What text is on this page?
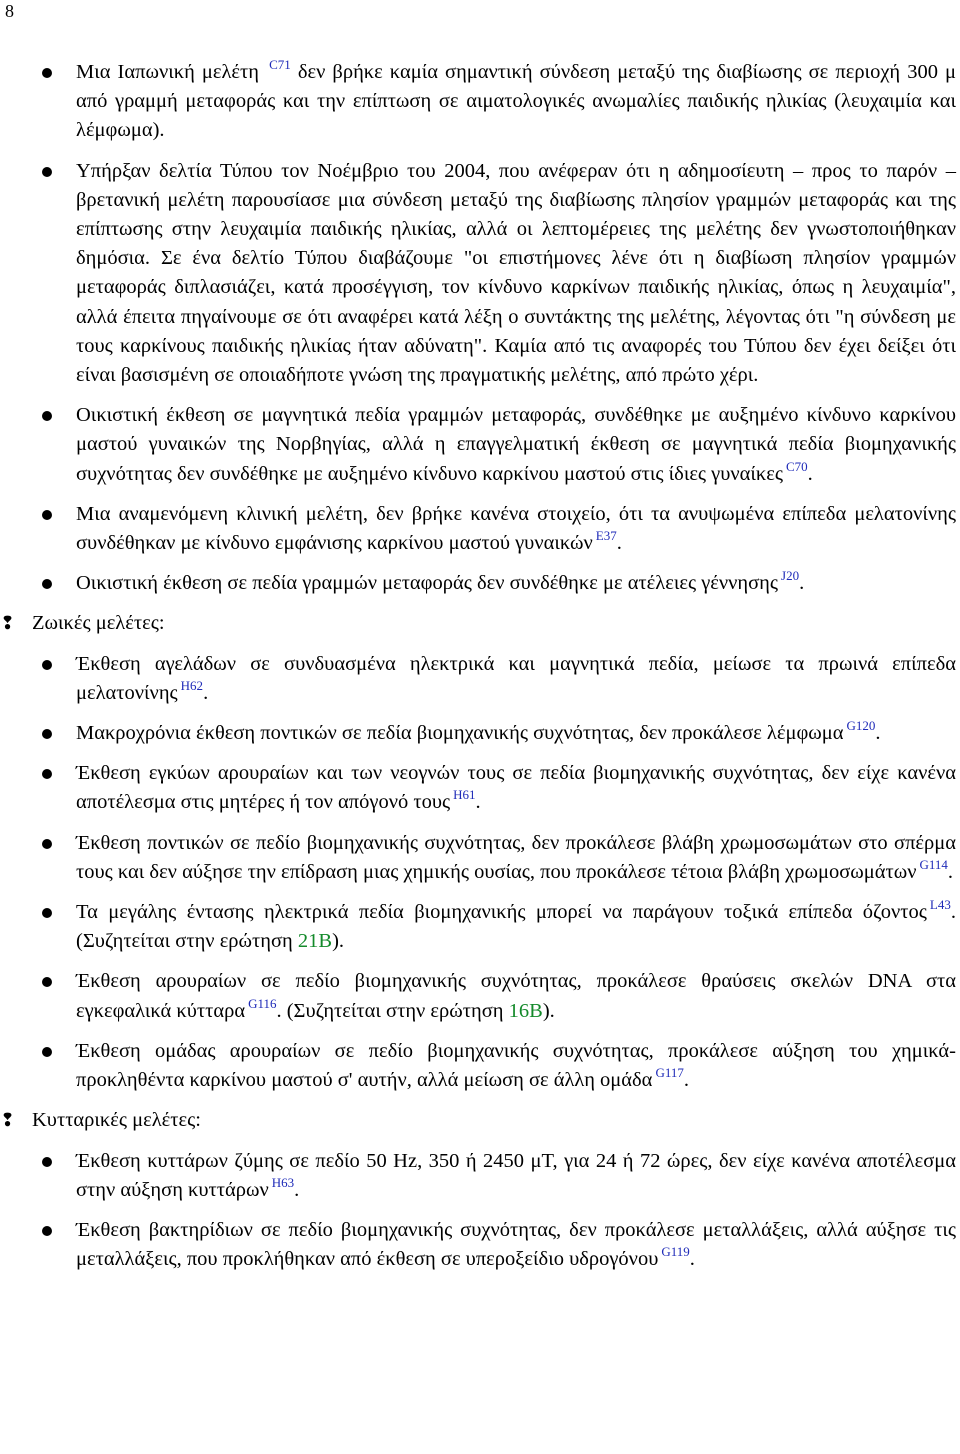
8

Μια Ιαπωνική μελέτη $^{C71}$ δεν βρήκε καμία σημαντική σύνδεση μεταξύ της διαβίωσης σε περιοχή 300 μ από γραμμή μεταφοράς και την επίπτωση σε αιματολογικές ανωμαλίες παιδικής ηλικίας (λευχαιμία και λέμφωμα).

Υπήρξαν δελτία Τύπου τον Νοέμβριο του 2004, που ανέφεραν ότι η αδημοσίευτη – προς το παρόν – βρετανική μελέτη παρουσίασε μια σύνδεση μεταξύ της διαβίωσης πλησίον γραμμών μεταφοράς και της επίπτωσης στην λευχαιμία παιδικής ηλικίας, αλλά οι λεπτομέρειες της μελέτης δεν γνωστοποιήθηκαν δημόσια. Σε ένα δελτίο Τύπου διαβάζουμε "οι επιστήμονες λένε ότι η διαβίωση πλησίον γραμμών μεταφοράς διπλασιάζει, κατά προσέγγιση, τον κίνδυνο καρκίνων παιδικής ηλικίας, όπως η λευχαιμία", αλλά έπειτα πηγαίνουμε σε ότι αναφέρει κατά λέξη ο συντάκτης της μελέτης, λέγοντας ότι "η σύνδεση με τους καρκίνους παιδικής ηλικίας ήταν αδύνατη". Καμία από τις αναφορές του Τύπου δεν έχει δείξει ότι είναι βασισμένη σε οποιαδήποτε γνώση της πραγματικής μελέτης, από πρώτο χέρι.

Οικιστική έκθεση σε μαγνητικά πεδία γραμμών μεταφοράς, συνδέθηκε με αυξημένο κίνδυνο καρκίνου μαστού γυναικών της Νορβηγίας, αλλά η επαγγελματική έκθεση σε μαγνητικά πεδία βιομηχανικής συχνότητας δεν συνδέθηκε με αυξημένο κίνδυνο καρκίνου μαστού στις ίδιες γυναίκες $^{C70}$.

Μια αναμενόμενη κλινική μελέτη, δεν βρήκε κανένα στοιχείο, ότι τα ανυψωμένα επίπεδα μελατονίνης συνδέθηκαν με κίνδυνο εμφάνισης καρκίνου μαστού γυναικών $^{E37}$.

Οικιστική έκθεση σε πεδία γραμμών μεταφοράς δεν συνδέθηκε με ατέλειες γέννησης $^{J20}$.

❢ Ζωικές μελέτες:

Έκθεση αγελάδων σε συνδυασμένα ηλεκτρικά και μαγνητικά πεδία, μείωσε τα πρωινά επίπεδα μελατονίνης $^{H62}$.

Μακροχρόνια έκθεση ποντικών σε πεδία βιομηχανικής συχνότητας, δεν προκάλεσε λέμφωμα $^{G120}$.

Έκθεση εγκύων αρουραίων και των νεογνών τους σε πεδία βιομηχανικής συχνότητας, δεν είχε κανένα αποτέλεσμα στις μητέρες ή τον απόγονό τους $^{H61}$.

Έκθεση ποντικών σε πεδίο βιομηχανικής συχνότητας, δεν προκάλεσε βλάβη χρωμοσωμάτων στο σπέρμα τους και δεν αύξησε την επίδραση μιας χημικής ουσίας, που προκάλεσε τέτοια βλάβη χρωμοσωμάτων $^{G114}$.

Τα μεγάλης έντασης ηλεκτρικά πεδία βιομηχανικής μπορεί να παράγουν τοξικά επίπεδα όζοντος $^{L43}$. (Συζητείται στην ερώτηση 21B).

Έκθεση αρουραίων σε πεδίο βιομηχανικής συχνότητας, προκάλεσε θραύσεις σκελών DNA στα εγκεφαλικά κύτταρα $^{G116}$. (Συζητείται στην ερώτηση 16B).

Έκθεση ομάδας αρουραίων σε πεδίο βιομηχανικής συχνότητας, προκάλεσε αύξηση του χημικά-προκληθέντα καρκίνου μαστού σ' αυτήν, αλλά μείωση σε άλλη ομάδα $^{G117}$.

❢ Κυτταρικές μελέτες:

Έκθεση κυττάρων ζύμης σε πεδίο 50 Hz, 350 ή 2450 μT, για 24 ή 72 ώρες, δεν είχε κανένα αποτέλεσμα στην αύξηση κυττάρων $^{H63}$.

Έκθεση βακτηρίδιων σε πεδίο βιομηχανικής συχνότητας, δεν προκάλεσε μεταλλάξεις, αλλά αύξησε τις μεταλλάξεις, που προκλήθηκαν από έκθεση σε υπεροξείδιο υδρογόνου $^{G119}$.
